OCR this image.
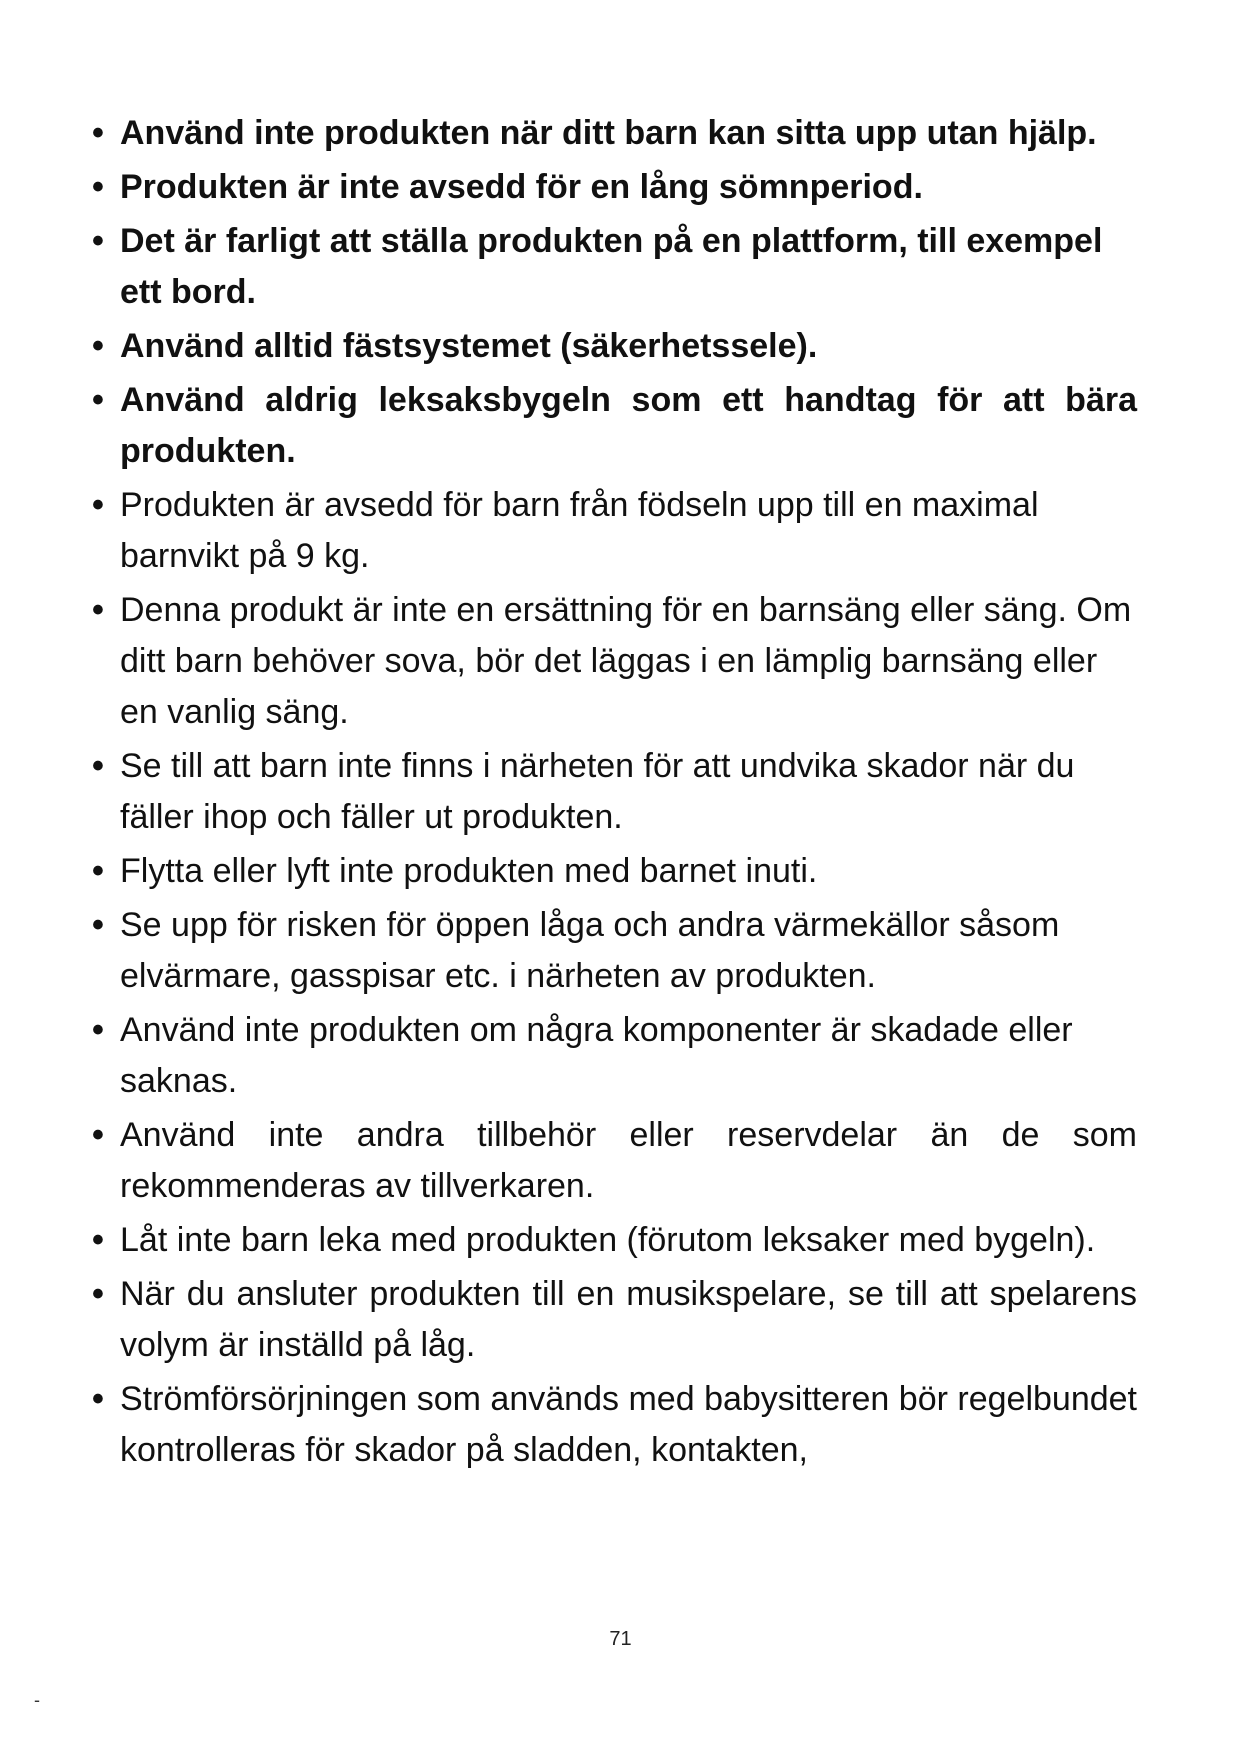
• Använd inte produkten när ditt barn kan sitta upp utan hjälp.
• Produkten är inte avsedd för en lång sömnperiod.
• Det är farligt att ställa produkten på en plattform, till exempel ett bord.
• Använd alltid fästsystemet (säkerhetssele).
• Använd aldrig leksaksbygeln som ett handtag för att bära produkten.
• Produkten är avsedd för barn från födseln upp till en maximal barnvikt på 9 kg.
• Denna produkt är inte en ersättning för en barnsäng eller säng. Om ditt barn behöver sova, bör det läggas i en lämplig barnsäng eller en vanlig säng.
• Se till att barn inte finns i närheten för att undvika skador när du fäller ihop och fäller ut produkten.
• Flytta eller lyft inte produkten med barnet inuti.
• Se upp för risken för öppen låga och andra värmekällor såsom elvärmare, gasspisar etc. i närheten av produkten.
• Använd inte produkten om några komponenter är skadade eller saknas.
• Använd inte andra tillbehör eller reservdelar än de som rekommenderas av tillverkaren.
• Låt inte barn leka med produkten (förutom leksaker med bygeln).
• När du ansluter produkten till en musikspelare, se till att spelarens volym är inställd på låg.
• Strömförsörjningen som används med babysitteren bör regelbundet kontrolleras för skador på sladden, kontakten,
71
-
